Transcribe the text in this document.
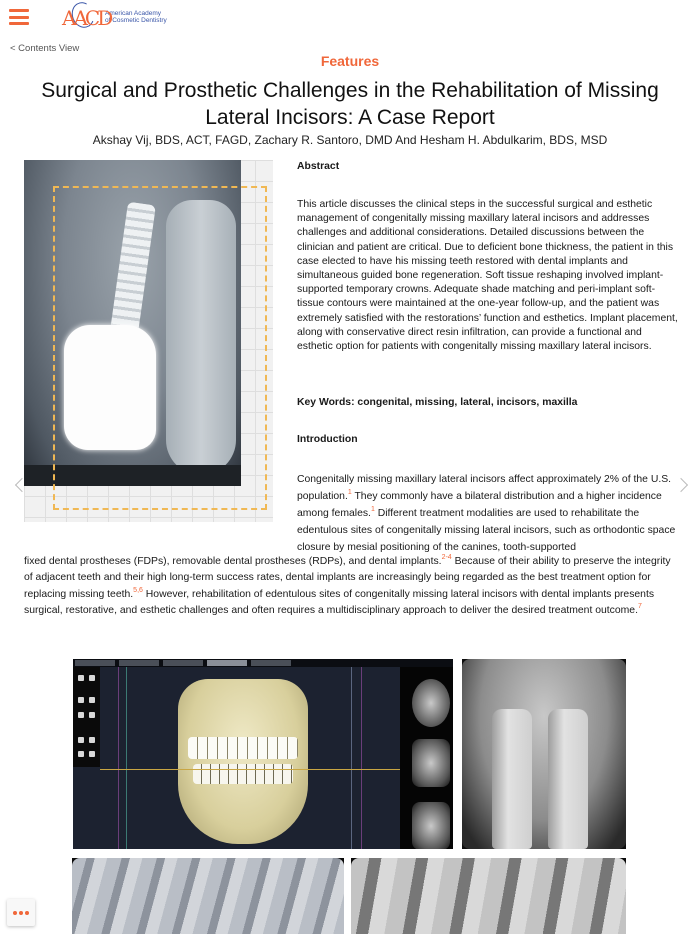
AACD
American Academy
of Cosmetic Dentistry
< Contents View
Features
Surgical and Prosthetic Challenges in the Rehabilitation of Missing Lateral Incisors: A Case Report
Akshay Vij, BDS, ACT, FAGD, Zachary R. Santoro, DMD And Hesham H. Abdulkarim, BDS, MSD
Abstract

This article discusses the clinical steps in the successful surgical and esthetic management of congenitally missing maxillary lateral incisors and addresses challenges and additional considerations. Detailed discussions between the clinician and patient are critical. Due to deficient bone thickness, the patient in this case elected to have his missing teeth restored with dental implants and simultaneous guided bone regeneration. Soft tissue reshaping involved implant-supported temporary crowns. Adequate shade matching and peri-implant soft-tissue contours were maintained at the one-year follow-up, and the patient was extremely satisfied with the restorations’ function and esthetics. Implant placement, along with conservative direct resin infiltration, can provide a functional and esthetic option for patients with congenitally missing maxillary lateral incisors.

Key Words: congenital, missing, lateral, incisors, maxilla
Introduction

Congenitally missing maxillary lateral incisors affect approximately 2% of the U.S. population.$^1$ They commonly have a bilateral distribution and a higher incidence among females.$^1$ Different treatment modalities are used to rehabilitate the edentulous sites of congenitally missing lateral incisors, such as orthodontic space closure by mesial positioning of the canines, tooth-supported

fixed dental prostheses (FDPs), removable dental prostheses (RDPs), and dental implants.$^{2-4}$ Because of their ability to preserve the integrity of adjacent teeth and their high long-term success rates, dental implants are increasingly being regarded as the best treatment option for replacing missing teeth.$^{5,6}$ However, rehabilitation of edentulous sites of congenitally missing lateral incisors with dental implants presents surgical, restorative, and esthetic challenges and often requires a multidisciplinary approach to deliver the desired treatment outcome.$^7$
